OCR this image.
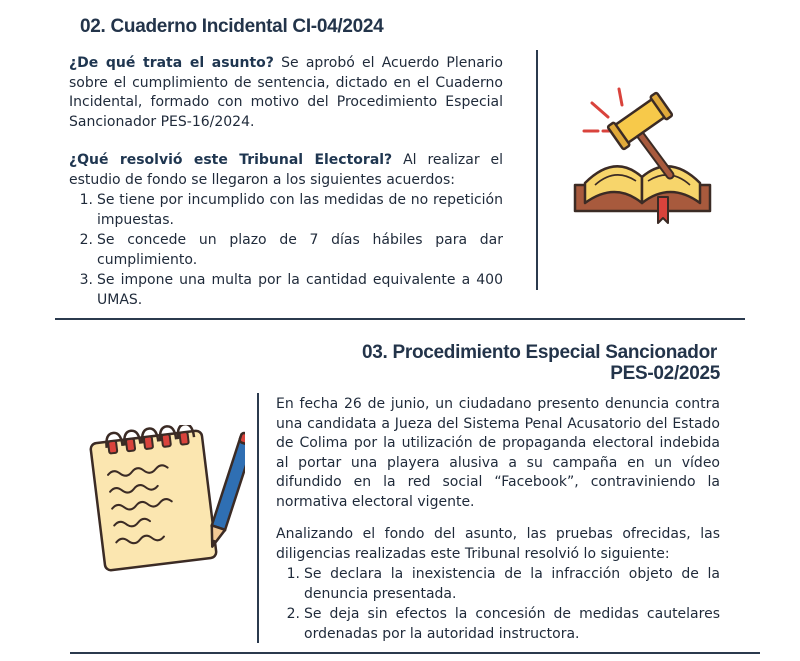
02. Cuaderno Incidental CI-04/2024
¿De qué trata el asunto? Se aprobó el Acuerdo Plenario sobre el cumplimiento de sentencia, dictado en el Cuaderno Incidental, formado con motivo del Procedimiento Especial Sancionador PES-16/2024.
¿Qué resolvió este Tribunal Electoral? Al realizar el estudio de fondo se llegaron a los siguientes acuerdos:
1. Se tiene por incumplido con las medidas de no repetición impuestas.
2. Se concede un plazo de 7 días hábiles para dar cumplimiento.
3. Se impone una multa por la cantidad equivalente a 400 UMAS.
03. Procedimiento Especial Sancionador
PES-02/2025
En fecha 26 de junio, un ciudadano presento denuncia contra una candidata a Jueza del Sistema Penal Acusatorio del Estado de Colima por la utilización de propaganda electoral indebida al portar una playera alusiva a su campaña en un vídeo difundido en la red social “Facebook”, contraviniendo la normativa electoral vigente.
Analizando el fondo del asunto, las pruebas ofrecidas, las diligencias realizadas este Tribunal resolvió lo siguiente:
1. Se declara la inexistencia de la infracción objeto de la denuncia presentada.
2. Se deja sin efectos la concesión de medidas cautelares ordenadas por la autoridad instructora.
